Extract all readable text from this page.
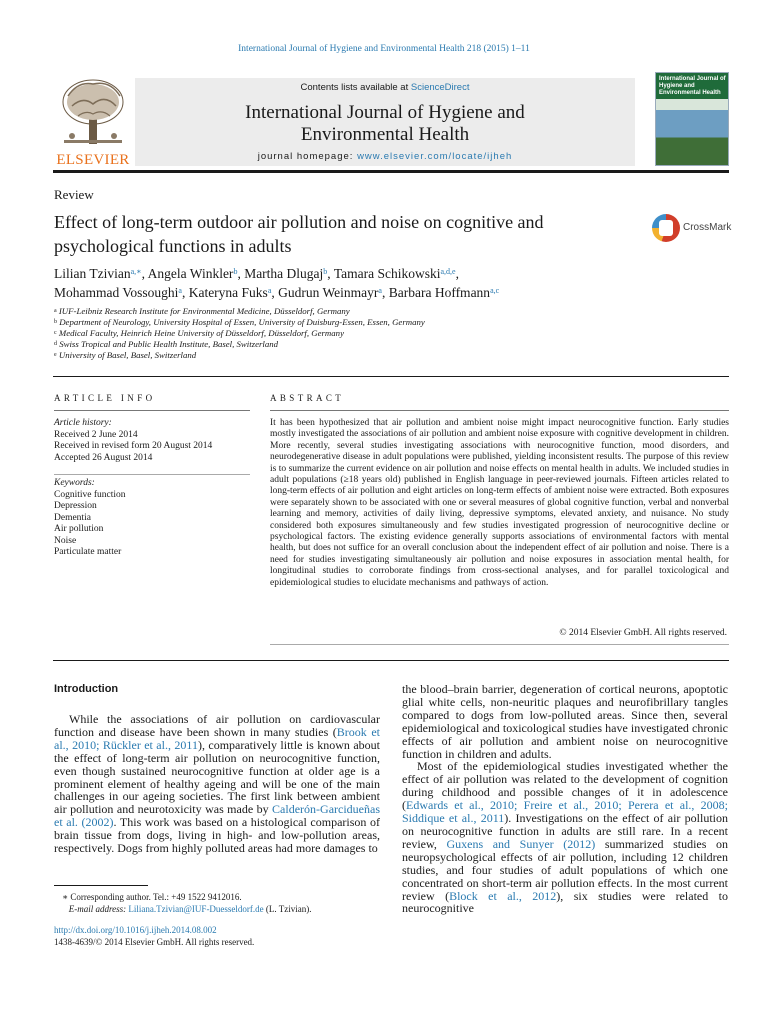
International Journal of Hygiene and Environmental Health 218 (2015) 1–11
ELSEVIER
Contents lists available at ScienceDirect
International Journal of Hygiene and
Environmental Health
journal homepage: www.elsevier.com/locate/ijheh
International Journal of Hygiene and Environmental Health
Review
Effect of long-term outdoor air pollution and noise on cognitive and psychological functions in adults
CrossMark
Lilian Tzivian$^{a,∗}$, Angela Winkler$^b$, Martha Dlugaj$^b$, Tamara Schikowski$^{a,d,e}$,
Mohammad Vossoughi$^a$, Kateryna Fuks$^a$, Gudrun Weinmayr$^a$, Barbara Hoffmann$^{a,c}$
$^a$ IUF-Leibniz Research Institute for Environmental Medicine, Düsseldorf, Germany
$^b$ Department of Neurology, University Hospital of Essen, University of Duisburg-Essen, Essen, Germany
$^c$ Medical Faculty, Heinrich Heine University of Düsseldorf, Düsseldorf, Germany
$^d$ Swiss Tropical and Public Health Institute, Basel, Switzerland
$^e$ University of Basel, Basel, Switzerland
ARTICLE INFO
Article history:
Received 2 June 2014
Received in revised form 20 August 2014
Accepted 26 August 2014
Keywords:
Cognitive function
Depression
Dementia
Air pollution
Noise
Particulate matter
ABSTRACT
It has been hypothesized that air pollution and ambient noise might impact neurocognitive function. Early studies mostly investigated the associations of air pollution and ambient noise exposure with cognitive development in children. More recently, several studies investigating associations with neurocognitive function, mood disorders, and neurodegenerative disease in adult populations were published, yielding inconsistent results. The purpose of this review is to summarize the current evidence on air pollution and noise effects on mental health in adults. We included studies in adult populations (≥18 years old) published in English language in peer-reviewed journals. Fifteen articles related to long-term effects of air pollution and eight articles on long-term effects of ambient noise were extracted. Both exposures were separately shown to be associated with one or several measures of global cognitive function, verbal and nonverbal learning and memory, activities of daily living, depressive symptoms, elevated anxiety, and nuisance. No study considered both exposures simultaneously and few studies investigated progression of neurocognitive decline or psychological factors. The existing evidence generally supports associations of environmental factors with mental health, but does not suffice for an overall conclusion about the independent effect of air pollution and noise. There is a need for studies investigating simultaneously air pollution and noise exposures in association mental health, for longitudinal studies to corroborate findings from cross-sectional analyses, and for parallel toxicological and epidemiological studies to elucidate mechanisms and pathways of action.
© 2014 Elsevier GmbH. All rights reserved.
Introduction
While the associations of air pollution on cardiovascular function and disease have been shown in many studies (Brook et al., 2010; Rückler et al., 2011), comparatively little is known about the effect of long-term air pollution on neurocognitive function, even though sustained neurocognitive function at older age is a prominent element of healthy ageing and will be one of the main challenges in our ageing societies. The first link between ambient air pollution and neurotoxicity was made by Calderón-Garcidueñas et al. (2002). This work was based on a histological comparison of brain tissue from dogs, living in high- and low-pollution areas, respectively. Dogs from highly polluted areas had more damages to
the blood–brain barrier, degeneration of cortical neurons, apoptotic glial white cells, non-neuritic plaques and neurofibrillary tangles compared to dogs from low-polluted areas. Since then, several epidemiological and toxicological studies have investigated chronic effects of air pollution and ambient noise on neurocognitive function in children and adults.
Most of the epidemiological studies investigated whether the effect of air pollution was related to the development of cognition during childhood and possible changes of it in adolescence (Edwards et al., 2010; Freire et al., 2010; Perera et al., 2008; Siddique et al., 2011). Investigations on the effect of air pollution on neurocognitive function in adults are still rare. In a recent review, Guxens and Sunyer (2012) summarized studies on neuropsychological effects of air pollution, including 12 children studies, and four studies of adult populations of which one concentrated on short-term air pollution effects. In the most current review (Block et al., 2012), six studies were related to neurocognitive
∗ Corresponding author. Tel.: +49 1522 9412016.
E-mail address: Liliana.Tzivian@IUF-Duesseldorf.de (L. Tzivian).
http://dx.doi.org/10.1016/j.ijheh.2014.08.002
1438-4639/© 2014 Elsevier GmbH. All rights reserved.
